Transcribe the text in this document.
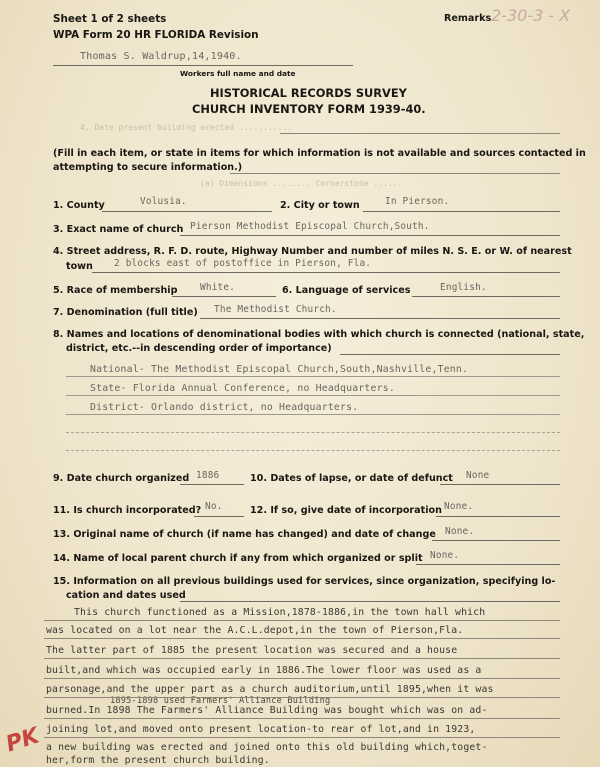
Sheet 1 of 2 sheets
WPA Form 20 HR FLORIDA Revision
Remarks 2-30-3 - X
Thomas S. Waldrup,14,1940.
Workers full name and date
HISTORICAL RECORDS SURVEY
CHURCH INVENTORY FORM 1939-40.
4. Date present building erected ...........
(Fill in each item, or state in items for which information is not available and sources contacted in
attempting to secure information.)
(a) Dimensions ........ Cornerstone ......
1. County	Volusia.	2. City or town	In Pierson.
3. Exact name of church Pierson Methodist Episcopal Church,South.
4. Street address, R. F. D. route, Highway Number and number of miles N. S. E. or W. of nearest
town 2 blocks east of postoffice in Pierson, Fla.
5. Race of membership White.	6. Language of services	English.
7. Denomination (full title) The Methodist Church.
8. Names and locations of denominational bodies with which church is connected (national, state,
district, etc.--in descending order of importance)
National- The Methodist Episcopal Church,South,Nashville,Tenn.
State- Florida Annual Conference, no Headquarters.
District- Orlando district, no Headquarters.
9. Date church organized 1886	10. Dates of lapse, or date of defunct None
11. Is church incorporated? No.	12. If so, give date of incorporation None.
13. Original name of church (if name has changed) and date of change None.
14. Name of local parent church if any from which organized or split None.
15. Information on all previous buildings used for services, since organization, specifying lo-
cation and dates used
This church functioned as a Mission,1878-1886,in the town hall which
was located on a lot near the A.C.L.depot,in the town of Pierson,Fla.
The latter part of 1885 the present location was secured and a house
built,and which was occupied early in 1886.The lower floor was used as a
parsonage,and the upper part as a church auditorium,until 1895,when it was
1895-1898 used Farmers' Alliance Building
burned.In 1898 The Farmers' Alliance Building was bought which was on ad-
joining lot,and moved onto present location-to rear of lot,and in 1923,
a new building was erected and joined onto this old building which,toget-
her,form the present church building.
PK
